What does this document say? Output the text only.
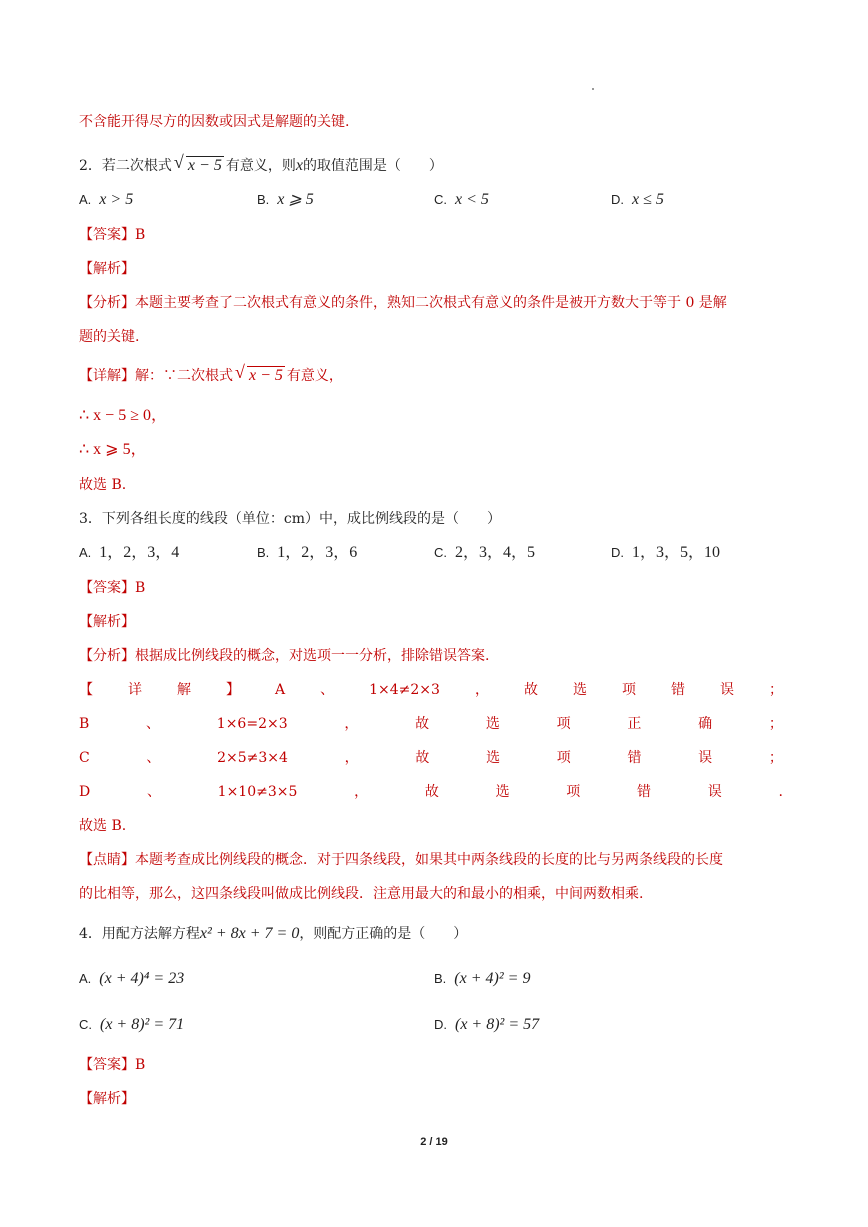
不含能开得尽方的因数或因式是解题的关键.
2．若二次根式 √ x − 5 有意义，则x的取值范围是（　　）
A. x > 5	B. x ⩾ 5	C. x < 5	D. x ≤ 5
【答案】B
【解析】
【分析】本题主要考查了二次根式有意义的条件，熟知二次根式有意义的条件是被开方数大于等于 0 是解
题的关键.
【详解】解：∵二次根式 √ x − 5 有意义，
∴ x − 5 ≥ 0，
∴ x ⩾ 5，
故选 B.
3．下列各组长度的线段（单位：cm）中，成比例线段的是（　　）
A. 1，2，3，4	B. 1，2，3，6	C. 2，3，4，5	D. 1，3，5，10
【答案】B
【解析】
【分析】根据成比例线段的概念，对选项一一分析，排除错误答案.
【	详	解	】	A	、	1×4≠2×3	，	故	选	项	错	误	；
B	、	1×6=2×3	，	故	选	项	正	确	；
C	、	2×5≠3×4	，	故	选	项	错	误	；
D	、	1×10≠3×5	，	故	选	项	错	误	.
故选 B.
【点睛】本题考查成比例线段的概念．对于四条线段，如果其中两条线段的长度的比与另两条线段的长度
的比相等，那么，这四条线段叫做成比例线段．注意用最大的和最小的相乘，中间两数相乘.
4．用配方法解方程x² + 8x + 7 = 0，则配方正确的是（　　）
A. (x + 4)⁴ = 23	B. (x + 4)² = 9
C. (x + 8)² = 71	D. (x + 8)² = 57
【答案】B
【解析】
2 / 19
